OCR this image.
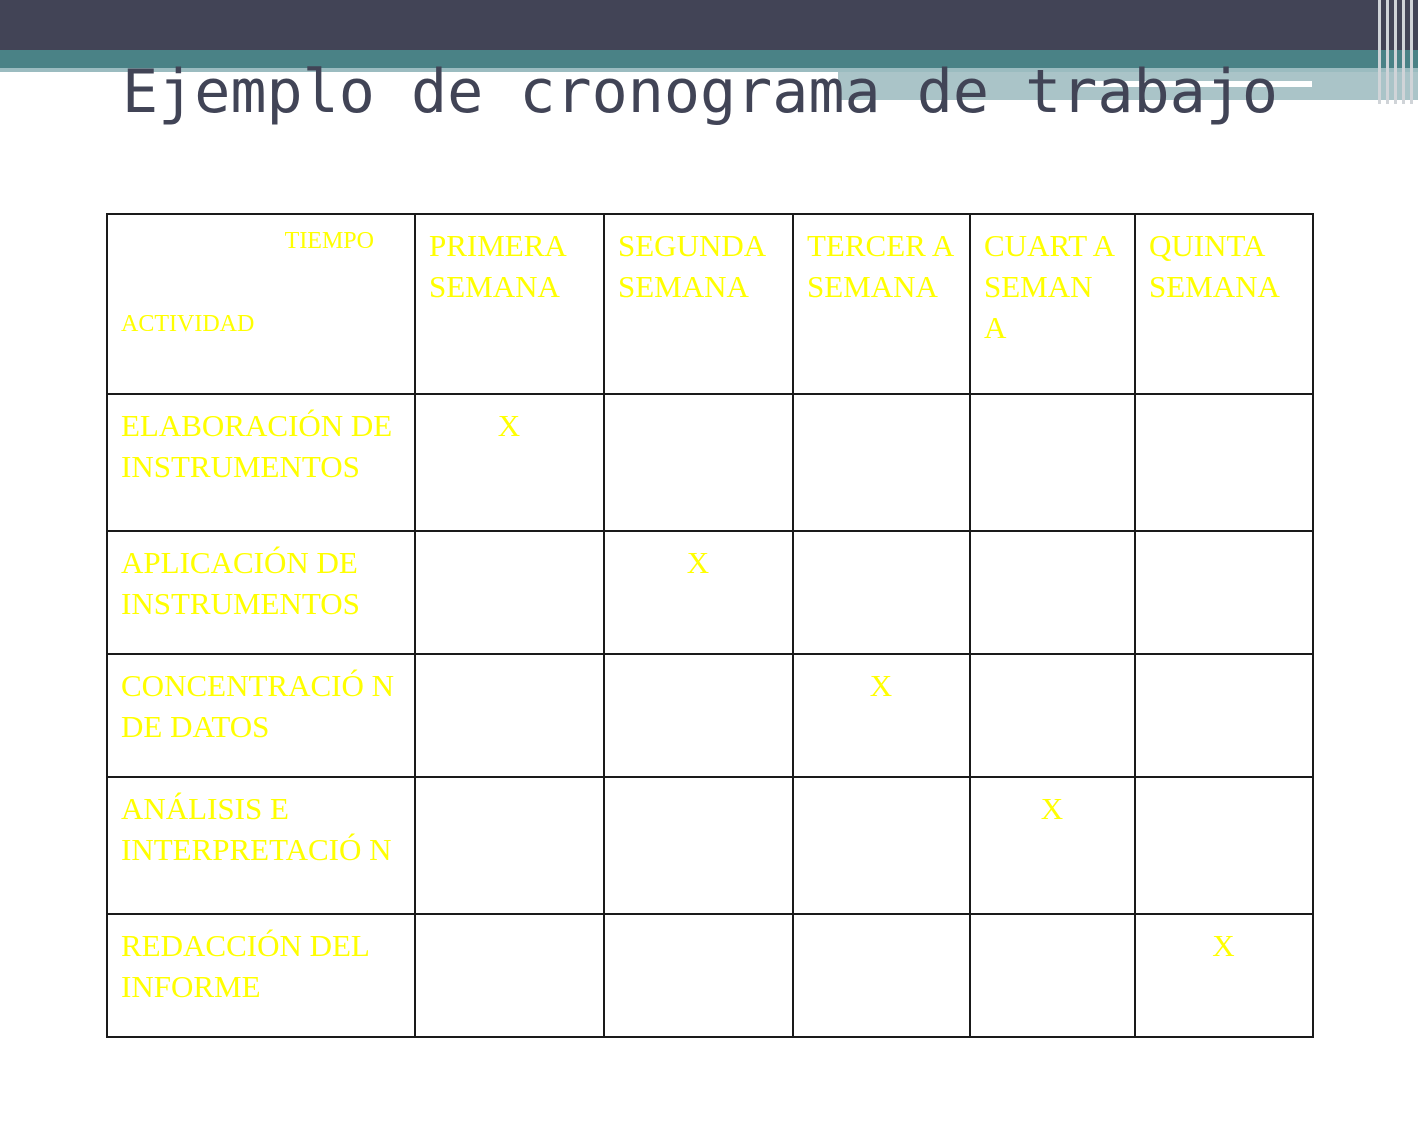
Ejemplo de cronograma de trabajo
TIEMPO
ACTIVIDAD	PRIMERA SEMANA	SEGUNDA SEMANA	TERCER A SEMANA	CUART A SEMAN A	QUINTA SEMANA
ELABORACIÓN DE INSTRUMENTOS	X				
APLICACIÓN DE INSTRUMENTOS		X			
CONCENTRACIÓ N DE DATOS			X		
ANÁLISIS E INTERPRETACIÓ N				X	
REDACCIÓN DEL INFORME					X
